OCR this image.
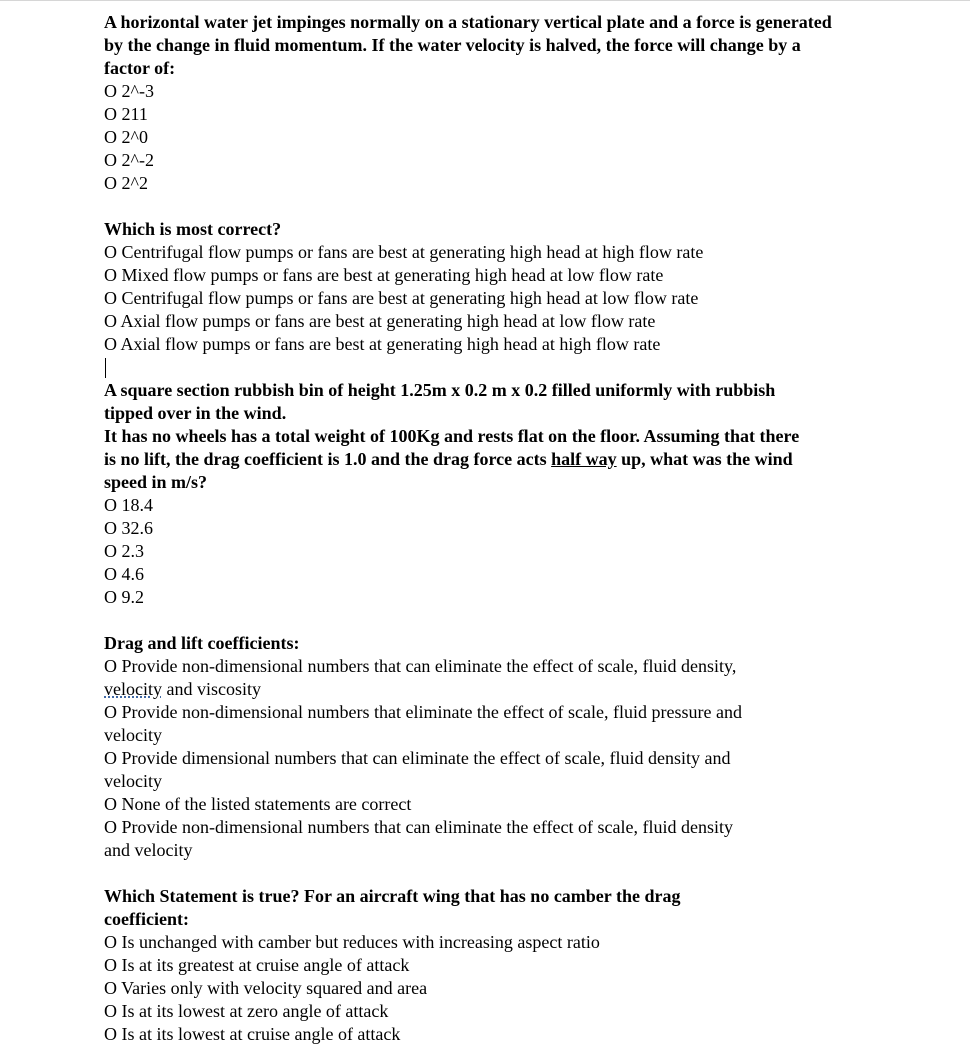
A horizontal water jet impinges normally on a stationary vertical plate and a force is generated by the change in fluid momentum. If the water velocity is halved, the force will change by a factor of:

O 2^-3

O 211

O 2^0

O 2^-2

O 2^2

Which is most correct?

O Centrifugal flow pumps or fans are best at generating high head at high flow rate

O Mixed flow pumps or fans are best at generating high head at low flow rate

O Centrifugal flow pumps or fans are best at generating high head at low flow rate

O Axial flow pumps or fans are best at generating high head at low flow rate

O Axial flow pumps or fans are best at generating high head at high flow rate

A square section rubbish bin of height 1.25m x 0.2 m x 0.2 filled uniformly with rubbish tipped over in the wind.

It has no wheels has a total weight of 100Kg and rests flat on the floor. Assuming that there is no lift, the drag coefficient is 1.0 and the drag force acts half way up, what was the wind speed in m/s?

O 18.4

O 32.6

O 2.3

O 4.6

O 9.2

Drag and lift coefficients:

O Provide non-dimensional numbers that can eliminate the effect of scale, fluid density, velocity and viscosity

O Provide non-dimensional numbers that eliminate the effect of scale, fluid pressure and velocity

O Provide dimensional numbers that can eliminate the effect of scale, fluid density and velocity

O None of the listed statements are correct

O Provide non-dimensional numbers that can eliminate the effect of scale, fluid density and velocity

Which Statement is true? For an aircraft wing that has no camber the drag coefficient:

O Is unchanged with camber but reduces with increasing aspect ratio

O Is at its greatest at cruise angle of attack

O Varies only with velocity squared and area

O Is at its lowest at zero angle of attack

O Is at its lowest at cruise angle of attack
